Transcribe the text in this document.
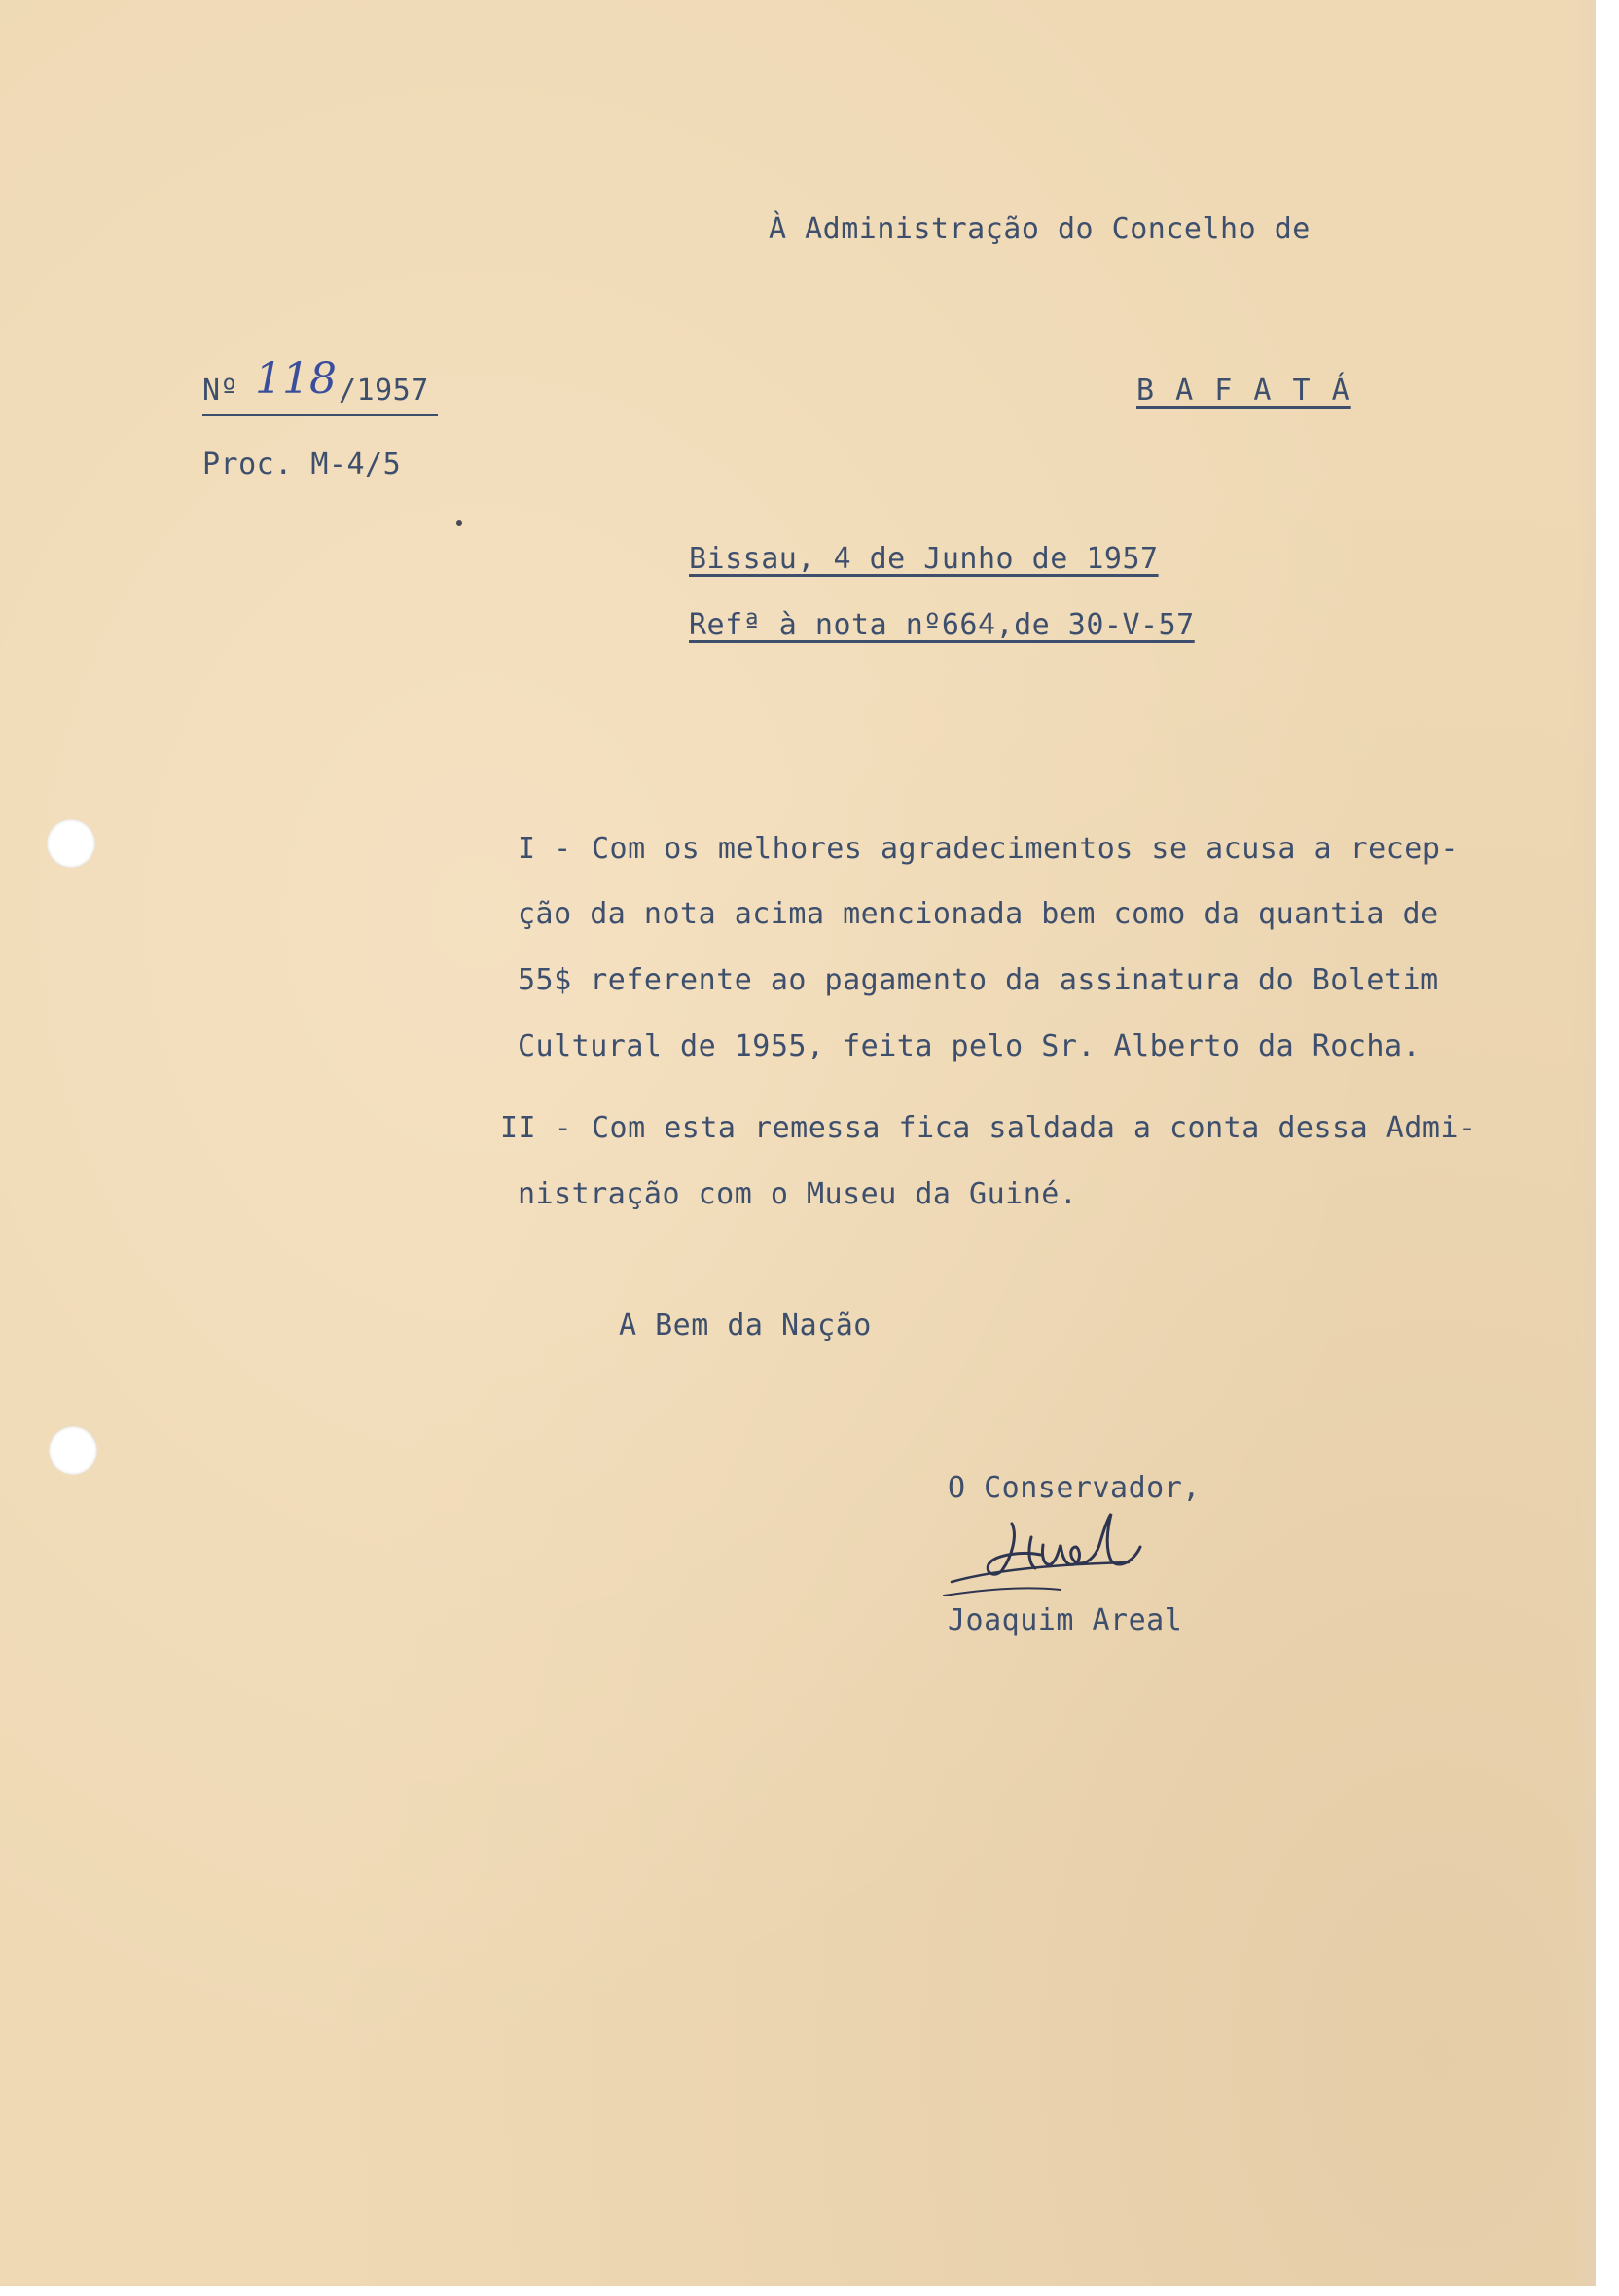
À Administração do Concelho de
B A F A T Á
Nº 118 /1957
Proc. M-4/5
Bissau, 4 de Junho de 1957
Refª à nota nº664,de 30-V-57
I - Com os melhores agradecimentos se acusa a recep-
ção da nota acima mencionada bem como da quantia de
55$ referente ao pagamento da assinatura do Boletim
Cultural de 1955, feita pelo Sr. Alberto da Rocha.
II - Com esta remessa fica saldada a conta dessa Admi-
nistração com o Museu da Guiné.
A Bem da Nação
O Conservador,
Joaquim Areal
